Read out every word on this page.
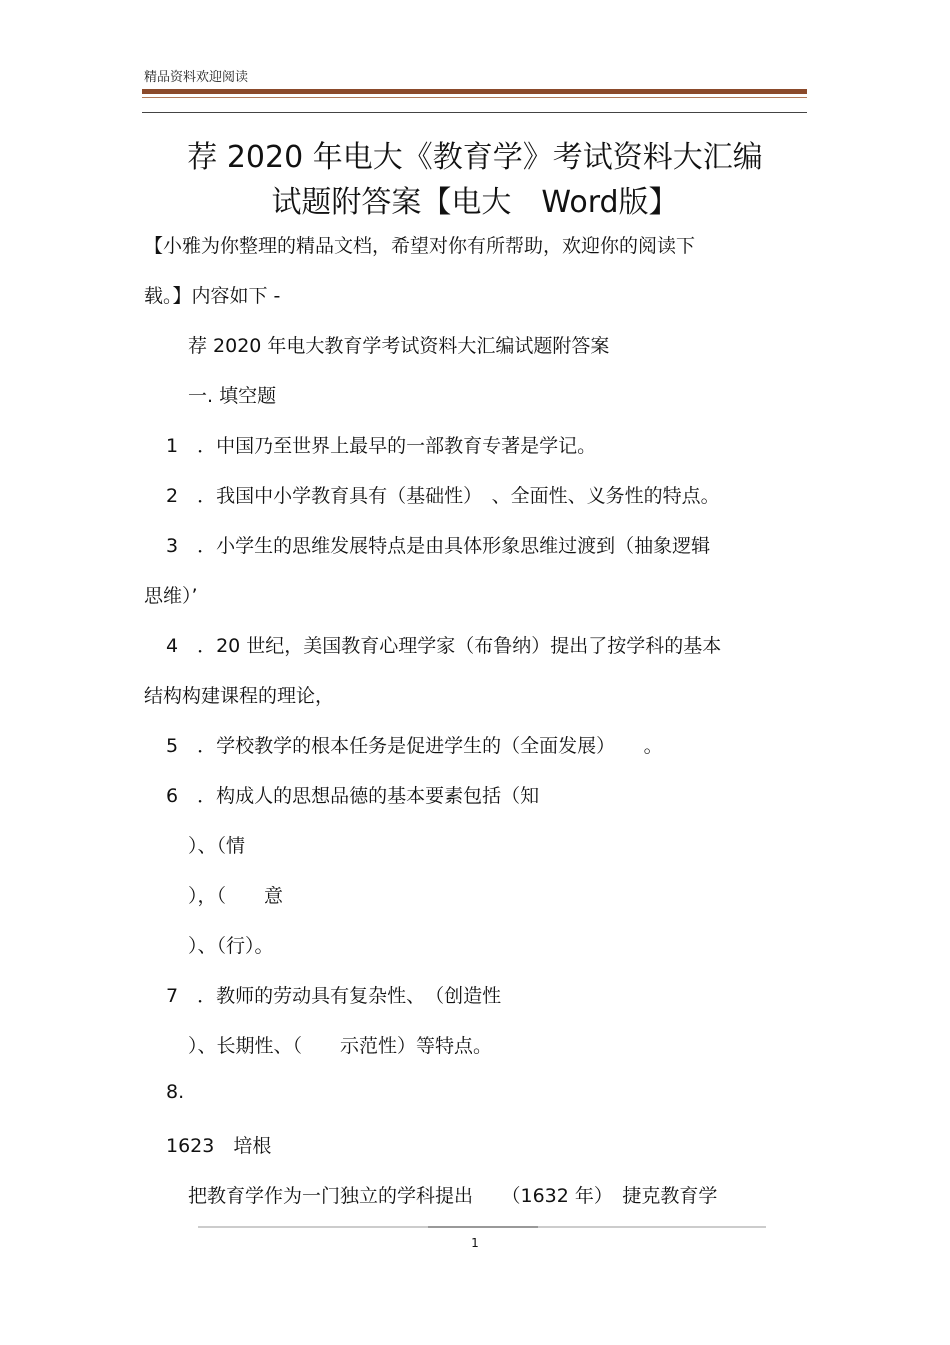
精品资料欢迎阅读
荐 2020 年电大《教育学》考试资料大汇编
试题附答案【电大　Word版】
【小雅为你整理的精品文档，希望对你有所帮助，欢迎你的阅读下
载。】内容如下 -
荐 2020 年电大教育学考试资料大汇编试题附答案
一. 填空题
1　．中国乃至世界上最早的一部教育专著是学记。
2　．我国中小学教育具有（基础性）　、全面性、义务性的特点。
3　．小学生的思维发展特点是由具体形象思维过渡到（抽象逻辑
思维）’
4　．20 世纪，美国教育心理学家（布鲁纳）提出了按学科的基本
结构构建课程的理论，
5　．学校教学的根本任务是促进学生的（全面发展）　　。
6　．构成人的思想品德的基本要素包括（知
）、（情
），（　　意
）、（行）。
7　．教师的劳动具有复杂性、　（创造性
）、长期性、（　　示范性）等特点。
8.
1623　培根
把教育学作为一门独立的学科提出　　（1632 年）　捷克教育学
1
